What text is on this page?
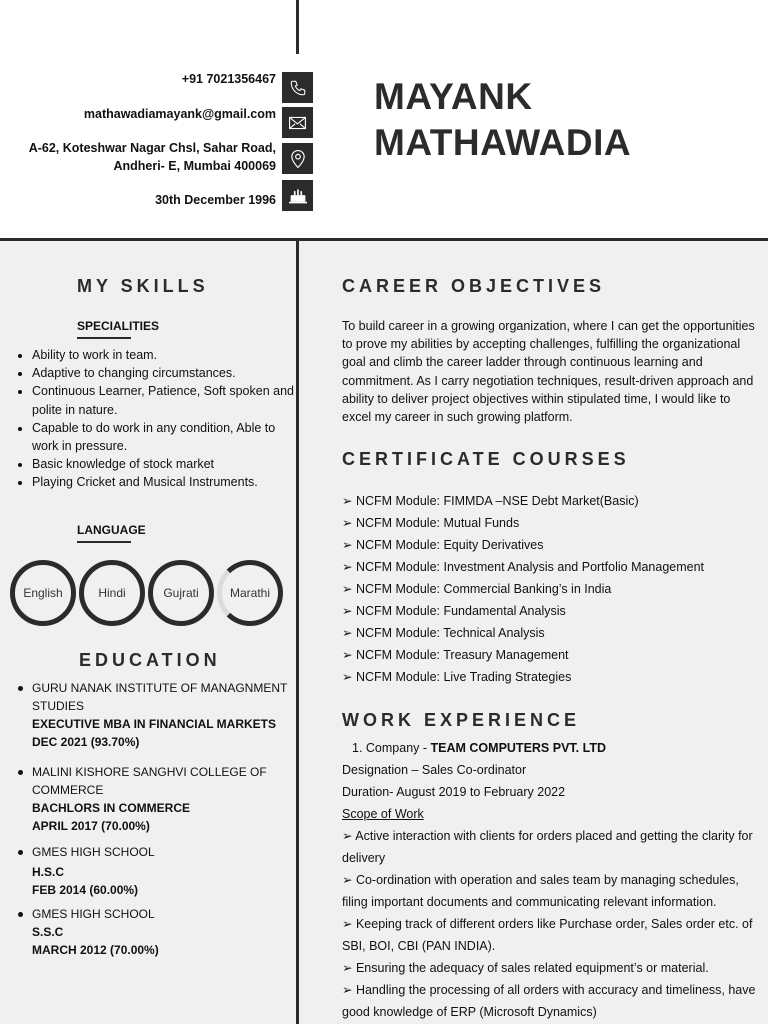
+91 7021356467
mathawadiamayank@gmail.com
A-62, Koteshwar Nagar Chsl, Sahar Road,
Andheri- E, Mumbai 400069
30th December 1996
MAYANK
MATHAWADIA
MY SKILLS
SPECIALITIES
• Ability to work in team.
• Adaptive to changing circumstances.
• Continuous Learner, Patience, Soft spoken and polite in nature.
• Capable to do work in any condition, Able to work in pressure.
• Basic knowledge of stock market
• Playing Cricket and Musical Instruments.
LANGUAGE
English	Hindi	Gujrati	Marathi
EDUCATION
GURU NANAK INSTITUTE OF MANAGNMENT STUDIES
EXECUTIVE MBA IN FINANCIAL MARKETS
DEC 2021 (93.70%)
MALINI KISHORE SANGHVI COLLEGE OF COMMERCE
BACHLORS IN COMMERCE
APRIL 2017 (70.00%)
GMES HIGH SCHOOL
H.S.C
FEB 2014 (60.00%)
GMES HIGH SCHOOL
S.S.C
MARCH 2012 (70.00%)
CAREER OBJECTIVES
To build career in a growing organization, where I can get the opportunities to prove my abilities by accepting challenges, fulfilling the organizational goal and climb the career ladder through continuous learning and commitment. As I carry negotiation techniques, result-driven approach and ability to deliver project objectives within stipulated time, I would like to excel my career in such growing platform.
CERTIFICATE COURSES
➢ NCFM Module: FIMMDA –NSE Debt Market(Basic)
➢ NCFM Module: Mutual Funds
➢ NCFM Module: Equity Derivatives
➢ NCFM Module: Investment Analysis and Portfolio Management
➢ NCFM Module: Commercial Banking’s in India
➢ NCFM Module: Fundamental Analysis
➢ NCFM Module: Technical Analysis
➢ NCFM Module: Treasury Management
➢ NCFM Module: Live Trading Strategies
WORK EXPERIENCE
1. Company - TEAM COMPUTERS PVT. LTD
Designation – Sales Co-ordinator
Duration- August 2019 to February 2022
Scope of Work
➢ Active interaction with clients for orders placed and getting the clarity for delivery
➢ Co-ordination with operation and sales team by managing schedules, filing important documents and communicating relevant information.
➢ Keeping track of different orders like Purchase order, Sales order etc. of SBI, BOI, CBI (PAN INDIA).
➢ Ensuring the adequacy of sales related equipment’s or material.
➢ Handling the processing of all orders with accuracy and timeliness, have good knowledge of ERP (Microsoft Dynamics)
